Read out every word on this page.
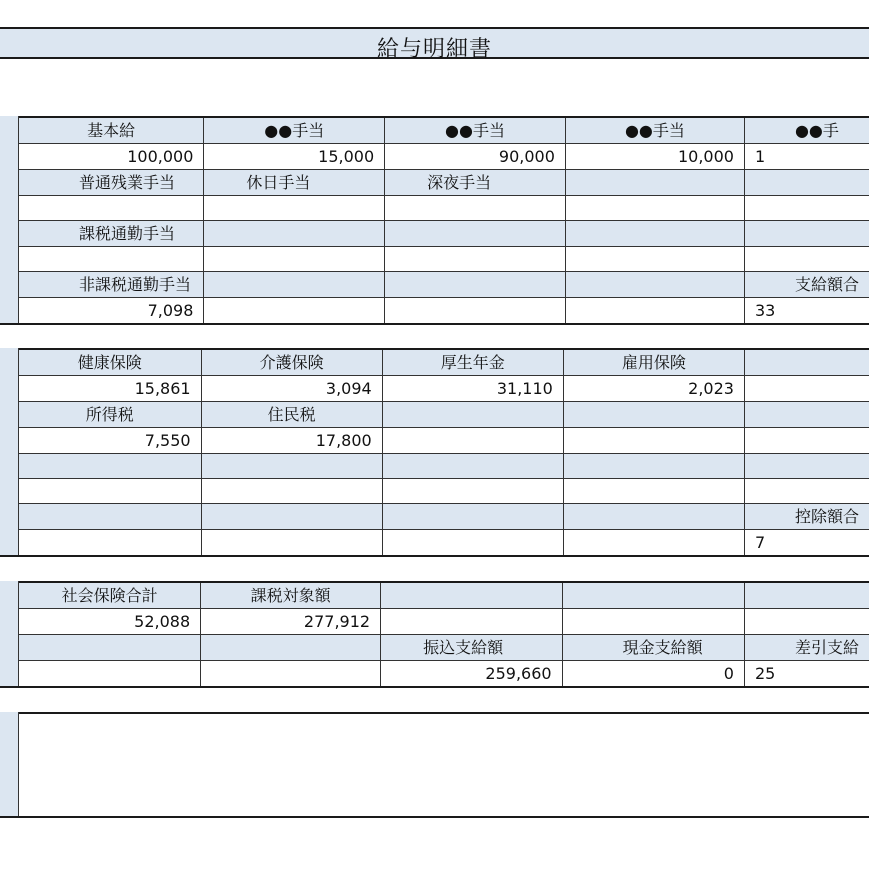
給与明細書
基本給	●●手当	●●手当	●●手当	●●手
100,000	15,000	90,000	10,000	1
普通残業手当	休日手当	深夜手当		

課税通勤手当				

非課税通勤手当				支給額合
7,098				33
健康保険	介護保険	厚生年金	雇用保険	
15,861	3,094	31,110	2,023	
所得税	住民税			
7,550	17,800			

				控除額合
				7
社会保険合計	課税対象額			
52,088	277,912			
		振込支給額	現金支給額	差引支給
		259,660	0	25
